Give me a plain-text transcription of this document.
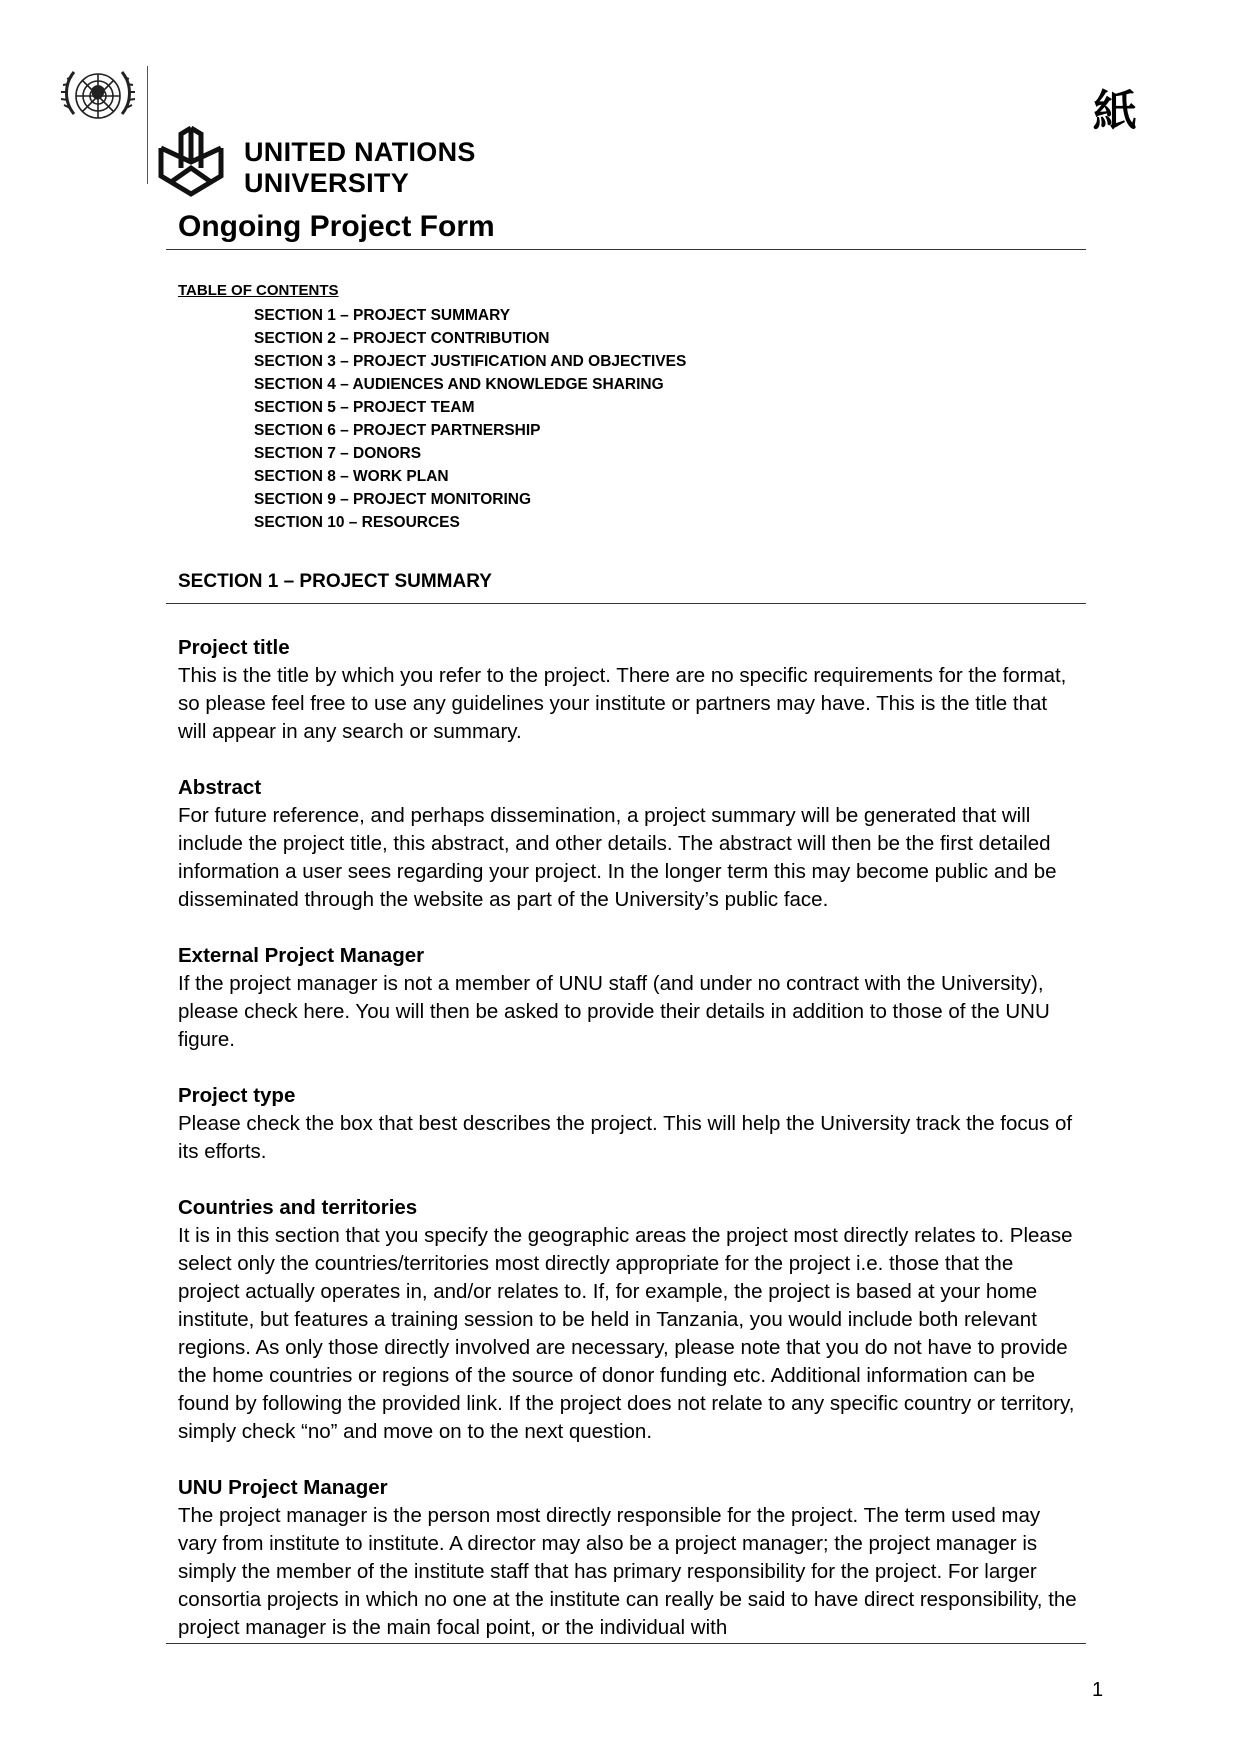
UNITED NATIONS
UNIVERSITY
紙
Ongoing Project Form
TABLE OF CONTENTS
SECTION 1 – PROJECT SUMMARY
SECTION 2 – PROJECT CONTRIBUTION
SECTION 3 – PROJECT JUSTIFICATION AND OBJECTIVES
SECTION 4 – AUDIENCES AND KNOWLEDGE SHARING
SECTION 5 – PROJECT TEAM
SECTION 6 – PROJECT PARTNERSHIP
SECTION 7 – DONORS
SECTION 8 – WORK PLAN
SECTION 9 – PROJECT MONITORING
SECTION 10 – RESOURCES
SECTION 1 – PROJECT SUMMARY
Project title

This is the title by which you refer to the project. There are no specific requirements for the format, so please feel free to use any guidelines your institute or partners may have. This is the title that will appear in any search or summary.

Abstract

For future reference, and perhaps dissemination, a project summary will be generated that will include the project title, this abstract, and other details. The abstract will then be the first detailed information a user sees regarding your project. In the longer term this may become public and be disseminated through the website as part of the University’s public face.

External Project Manager

If the project manager is not a member of UNU staff (and under no contract with the University), please check here. You will then be asked to provide their details in addition to those of the UNU figure.

Project type

Please check the box that best describes the project. This will help the University track the focus of its efforts.

Countries and territories

It is in this section that you specify the geographic areas the project most directly relates to. Please select only the countries/territories most directly appropriate for the project i.e. those that the project actually operates in, and/or relates to. If, for example, the project is based at your home institute, but features a training session to be held in Tanzania, you would include both relevant regions. As only those directly involved are necessary, please note that you do not have to provide the home countries or regions of the source of donor funding etc. Additional information can be found by following the provided link. If the project does not relate to any specific country or territory, simply check “no” and move on to the next question.

UNU Project Manager

The project manager is the person most directly responsible for the project. The term used may vary from institute to institute. A director may also be a project manager; the project manager is simply the member of the institute staff that has primary responsibility for the project. For larger consortia projects in which no one at the institute can really be said to have direct responsibility, the project manager is the main focal point, or the individual with

1
